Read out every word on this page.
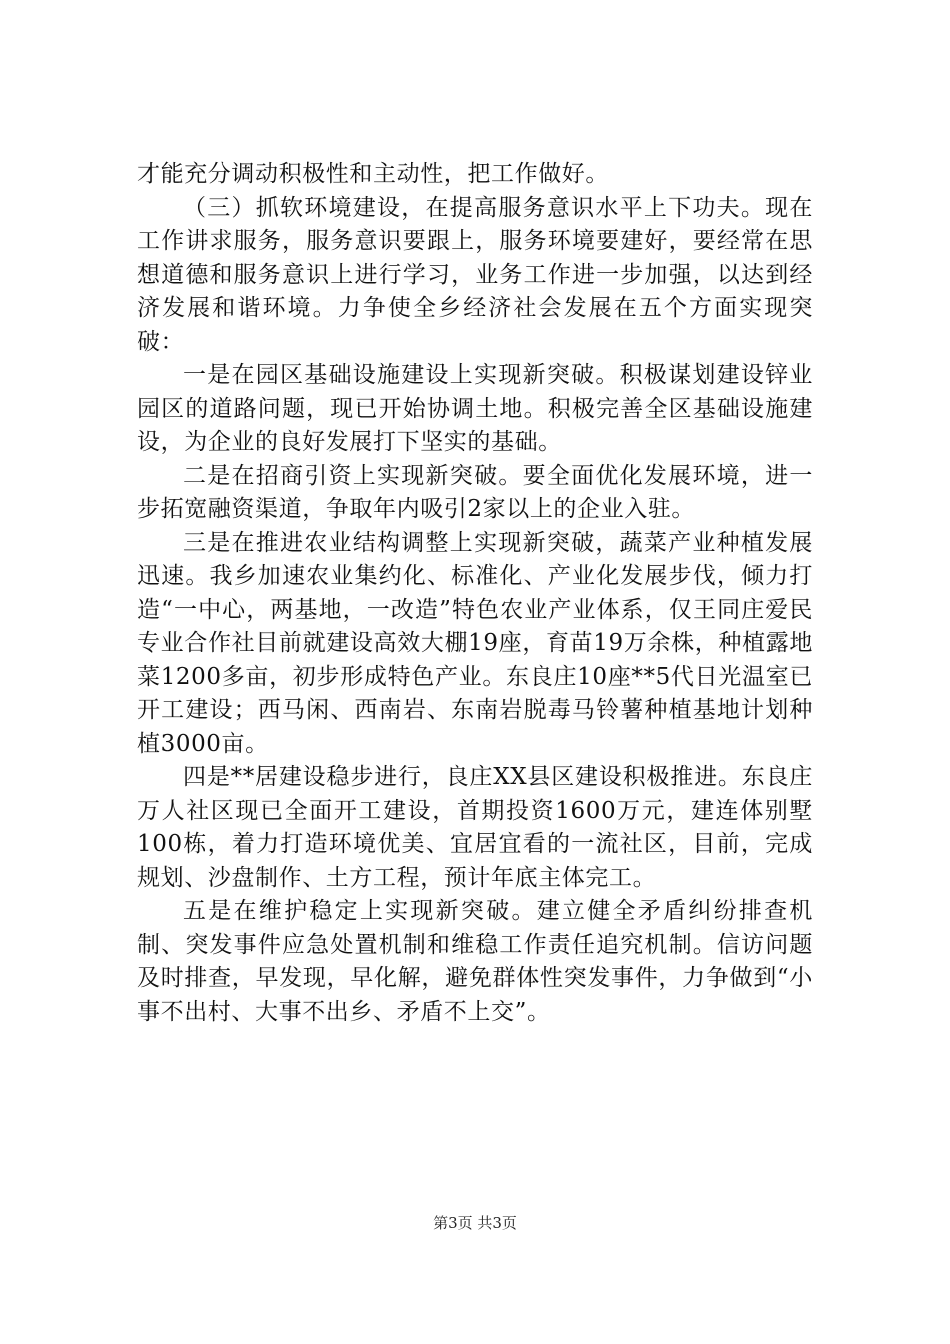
才能充分调动积极性和主动性，把工作做好。

（三）抓软环境建设，在提高服务意识水平上下功夫。现在工作讲求服务，服务意识要跟上，服务环境要建好，要经常在思想道德和服务意识上进行学习，业务工作进一步加强，以达到经济发展和谐环境。力争使全乡经济社会发展在五个方面实现突破：

一是在园区基础设施建设上实现新突破。积极谋划建设锌业园区的道路问题，现已开始协调土地。积极完善全区基础设施建设，为企业的良好发展打下坚实的基础。

二是在招商引资上实现新突破。要全面优化发展环境，进一步拓宽融资渠道，争取年内吸引2家以上的企业入驻。

三是在推进农业结构调整上实现新突破，蔬菜产业种植发展迅速。我乡加速农业集约化、标准化、产业化发展步伐，倾力打造“一中心，两基地，一改造”特色农业产业体系，仅王同庄爱民专业合作社目前就建设高效大棚19座，育苗19万余株，种植露地菜1200多亩，初步形成特色产业。东良庄10座**5代日光温室已开工建设；西马闲、西南岩、东南岩脱毒马铃薯种植基地计划种植3000亩。

四是**居建设稳步进行，良庄XX县区建设积极推进。东良庄万人社区现已全面开工建设，首期投资1600万元，建连体别墅100栋，着力打造环境优美、宜居宜看的一流社区，目前，完成规划、沙盘制作、土方工程，预计年底主体完工。

五是在维护稳定上实现新突破。建立健全矛盾纠纷排查机制、突发事件应急处置机制和维稳工作责任追究机制。信访问题及时排查，早发现，早化解，避免群体性突发事件，力争做到“小事不出村、大事不出乡、矛盾不上交”。

第3页 共3页
